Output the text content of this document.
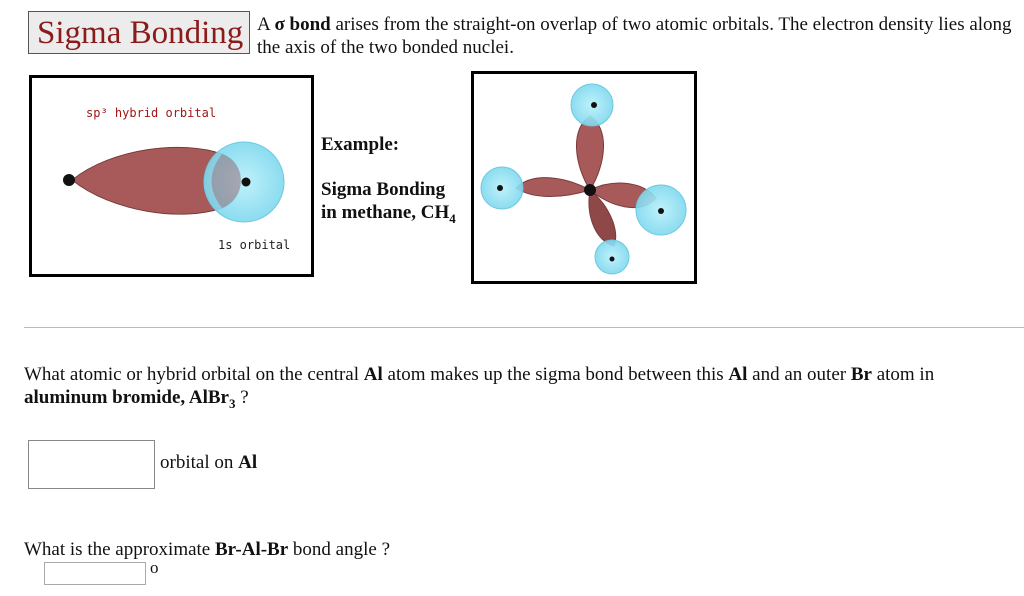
Sigma Bonding A σ bond arises from the straight-on overlap of two atomic orbitals. The electron density lies along the axis of the two bonded nuclei.
sp³ hybrid orbital
1s orbital
Example:
Sigma Bonding
in methane, $CH_4$
What atomic or hybrid orbital on the central Al atom makes up the sigma bond between this Al and an outer Br atom in
aluminum bromide, AlBr$_3$ ?
orbital on Al
What is the approximate Br-Al-Br bond angle ?
o
